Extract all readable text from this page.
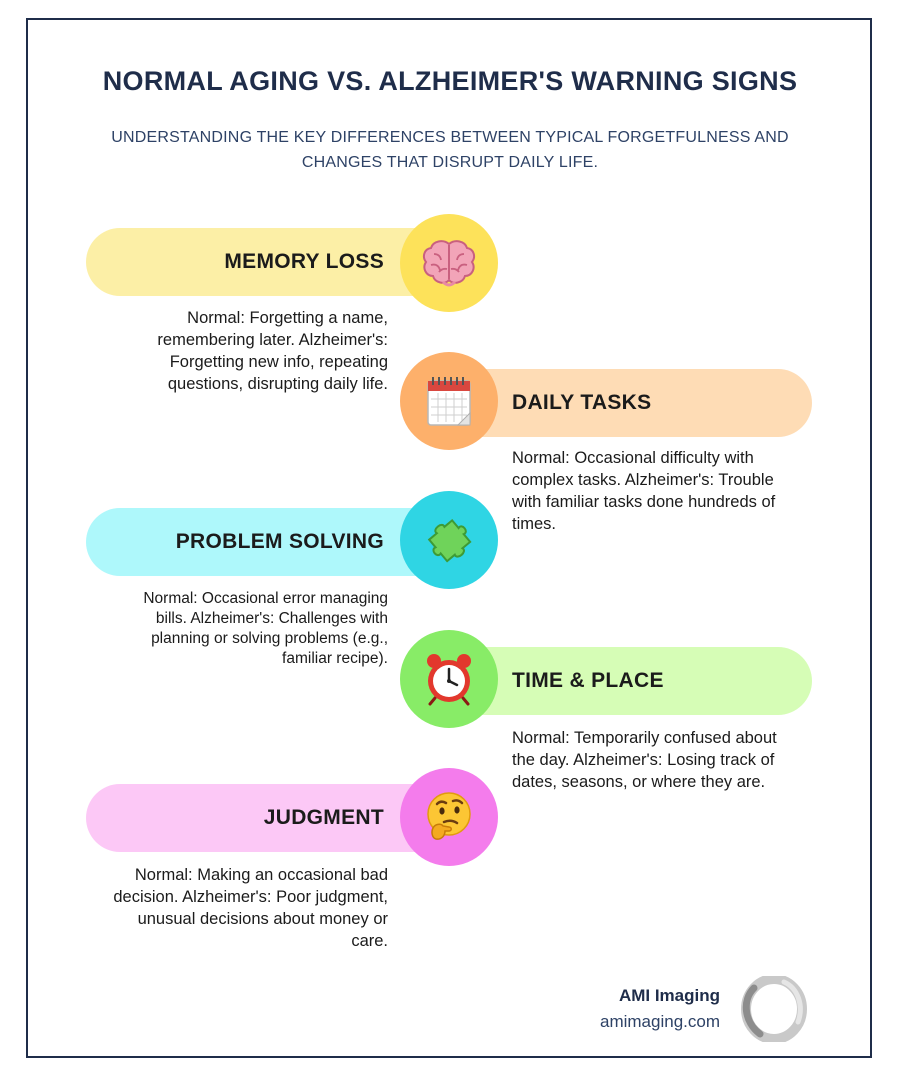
NORMAL AGING VS. ALZHEIMER'S WARNING SIGNS
UNDERSTANDING THE KEY DIFFERENCES BETWEEN TYPICAL FORGETFULNESS AND CHANGES THAT DISRUPT DAILY LIFE.
MEMORY LOSS
Normal: Forgetting a name, remembering later. Alzheimer's: Forgetting new info, repeating questions, disrupting daily life.
DAILY TASKS
Normal: Occasional difficulty with complex tasks. Alzheimer's: Trouble with familiar tasks done hundreds of times.
PROBLEM SOLVING
Normal: Occasional error managing bills. Alzheimer's: Challenges with planning or solving problems (e.g., familiar recipe).
TIME & PLACE
Normal: Temporarily confused about the day. Alzheimer's: Losing track of dates, seasons, or where they are.
JUDGMENT
Normal: Making an occasional bad decision. Alzheimer's: Poor judgment, unusual decisions about money or care.
AMI Imaging
amimaging.com
